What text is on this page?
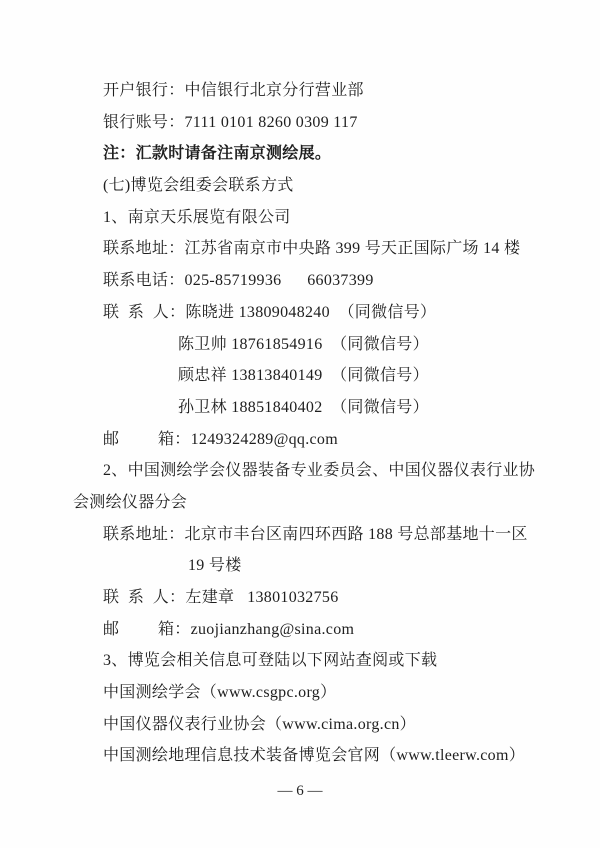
开户银行：中信银行北京分行营业部
银行账号：7111 0101 8260 0309 117
注：汇款时请备注南京测绘展。
(七)博览会组委会联系方式
1、南京天乐展览有限公司
联系地址：江苏省南京市中央路 399 号天正国际广场 14 楼
联系电话：025-85719936      66037399
联  系  人：陈晓进 13809048240  （同微信号）
陈卫帅 18761854916  （同微信号）
顾忠祥 13813840149  （同微信号）
孙卫林 18851840402  （同微信号）
邮         箱：1249324289@qq.com
2、中国测绘学会仪器装备专业委员会、中国仪器仪表行业协
会测绘仪器分会
联系地址：北京市丰台区南四环西路 188 号总部基地十一区
19 号楼
联  系  人：左建章   13801032756
邮         箱：zuojianzhang@sina.com
3、博览会相关信息可登陆以下网站查阅或下载
中国测绘学会（www.csgpc.org）
中国仪器仪表行业协会（www.cima.org.cn）
中国测绘地理信息技术装备博览会官网（www.tleerw.com）
— 6 —
